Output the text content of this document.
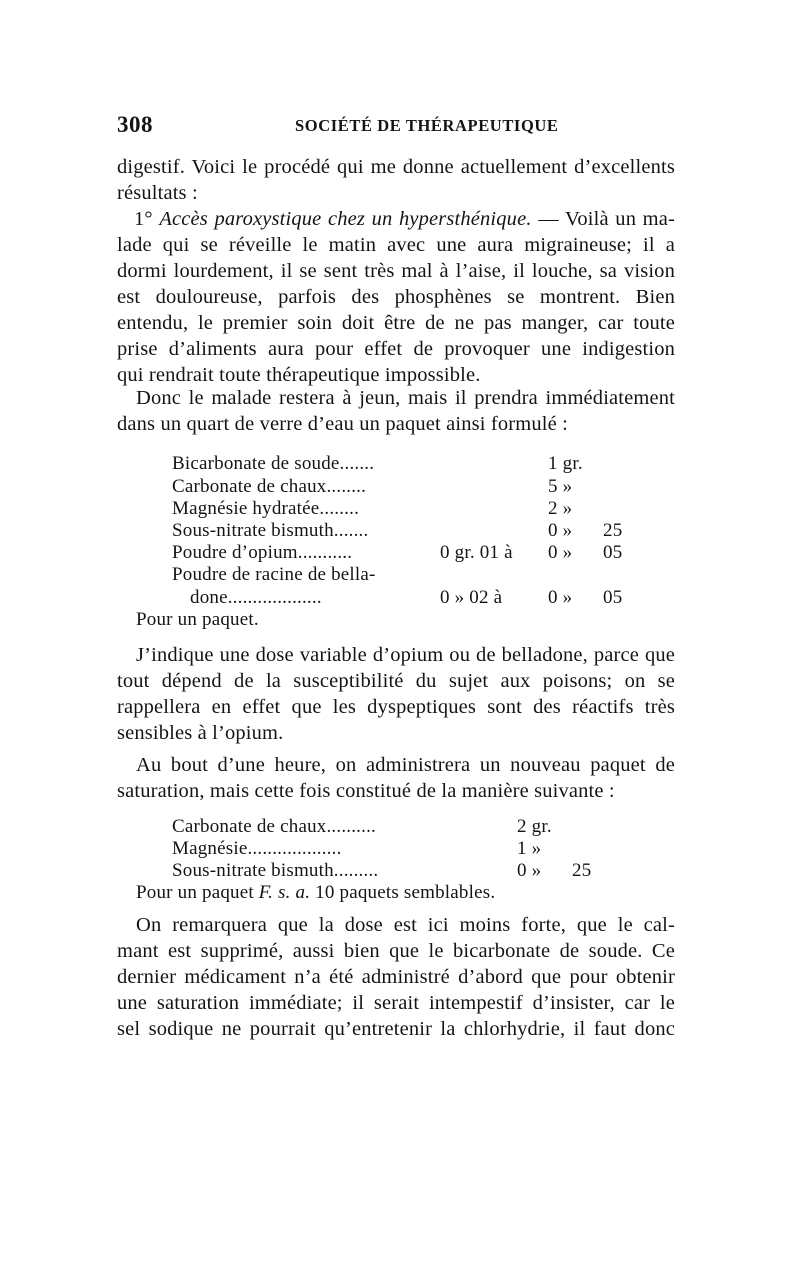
308	SOCIÉTÉ DE THÉRAPEUTIQUE
digestif. Voici le procédé qui me donne actuellement d’excellents
résultats :
1° Accès paroxystique chez un hypersthénique. — Voilà un ma-
lade qui se réveille le matin avec une aura migraineuse; il a
dormi lourdement, il se sent très mal à l’aise, il louche, sa vision
est douloureuse, parfois des phosphènes se montrent. Bien
entendu, le premier soin doit être de ne pas manger, car toute
prise d’aliments aura pour effet de provoquer une indigestion
qui rendrait toute thérapeutique impossible.
Donc le malade restera à jeun, mais il prendra immédiatement
dans un quart de verre d’eau un paquet ainsi formulé :
Bicarbonate de soude.......	1 gr.
Carbonate de chaux........	5 »
Magnésie hydratée........	2 »
Sous-nitrate bismuth.......	0 » 25
Poudre d’opium...........	0 gr. 01 à 0 » 05
Poudre de racine de bella-
done...................	0 » 02 à 0 » 05
Pour un paquet.
J’indique une dose variable d’opium ou de belladone, parce que
tout dépend de la susceptibilité du sujet aux poisons; on se
rappellera en effet que les dyspeptiques sont des réactifs très
sensibles à l’opium.
Au bout d’une heure, on administrera un nouveau paquet de
saturation, mais cette fois constitué de la manière suivante :
Carbonate de chaux..........	2 gr.
Magnésie...................	1 »
Sous-nitrate bismuth.........	0 » 25
Pour un paquet F. s. a. 10 paquets semblables.
On remarquera que la dose est ici moins forte, que le cal-
mant est supprimé, aussi bien que le bicarbonate de soude. Ce
dernier médicament n’a été administré d’abord que pour obtenir
une saturation immédiate; il serait intempestif d’insister, car le
sel sodique ne pourrait qu’entretenir la chlorhydrie, il faut donc
